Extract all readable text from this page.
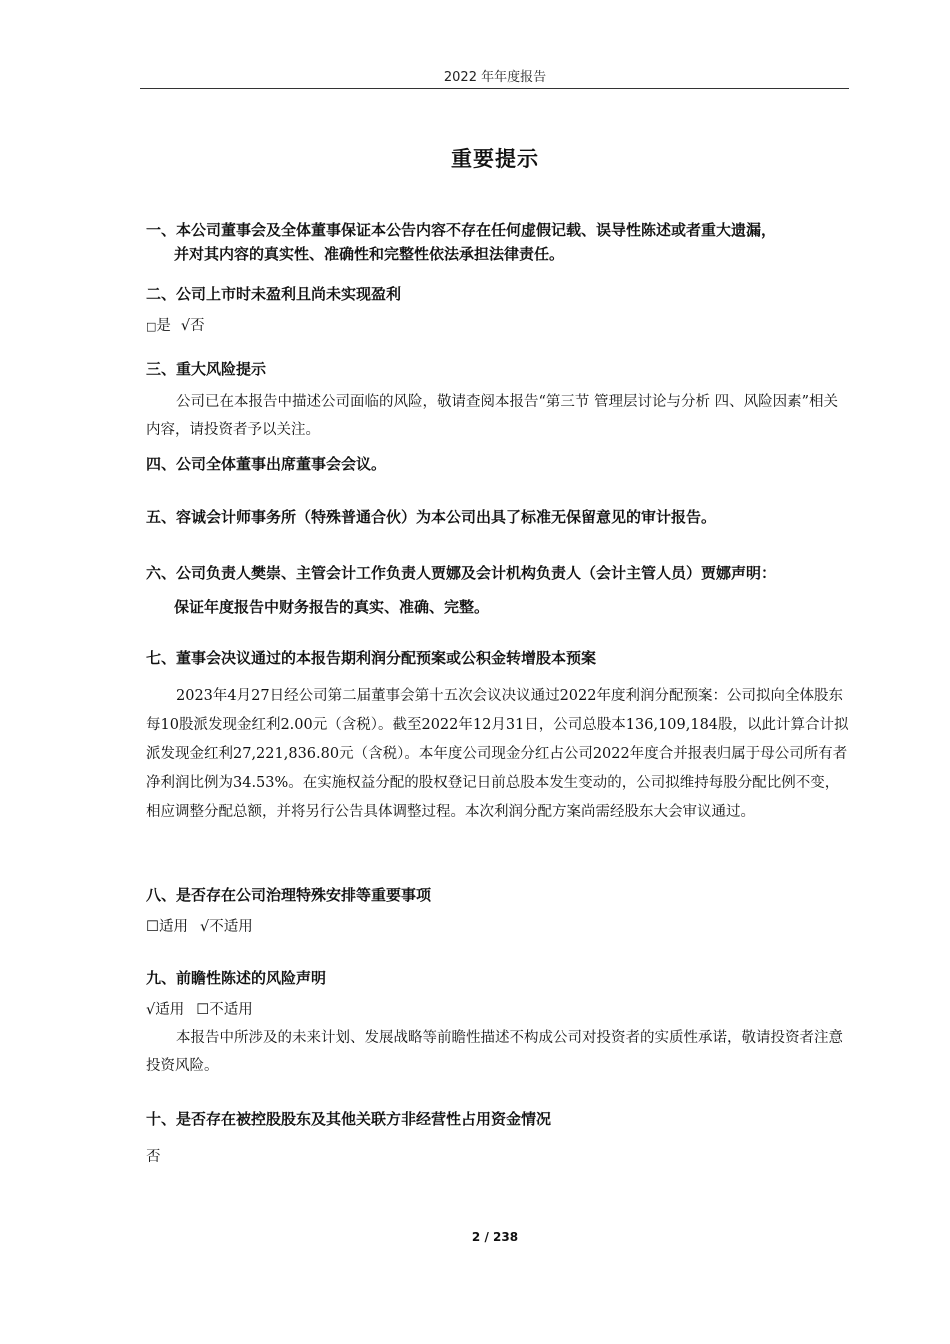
2022 年年度报告
重要提示
一、本公司董事会及全体董事保证本公告内容不存在任何虚假记载、误导性陈述或者重大遗漏，
并对其内容的真实性、准确性和完整性依法承担法律责任。
二、公司上市时未盈利且尚未实现盈利
□是 √否
三、重大风险提示

公司已在本报告中描述公司面临的风险，敬请查阅本报告“第三节 管理层讨论与分析 四、风险因素”相关内容，请投资者予以关注。

四、公司全体董事出席董事会会议。
五、容诚会计师事务所（特殊普通合伙）为本公司出具了标准无保留意见的审计报告。
六、公司负责人樊崇、主管会计工作负责人贾娜及会计机构负责人（会计主管人员）贾娜声明：
保证年度报告中财务报告的真实、准确、完整。
七、董事会决议通过的本报告期利润分配预案或公积金转增股本预案

2023年4月27日经公司第二届董事会第十五次会议决议通过2022年度利润分配预案：公司拟向全体股东每10股派发现金红利2.00元（含税）。截至2022年12月31日，公司总股本136,109,184股，以此计算合计拟派发现金红利27,221,836.80元（含税）。本年度公司现金分红占公司2022年度合并报表归属于母公司所有者净利润比例为34.53%。在实施权益分配的股权登记日前总股本发生变动的，公司拟维持每股分配比例不变，相应调整分配总额，并将另行公告具体调整过程。本次利润分配方案尚需经股东大会审议通过。

八、是否存在公司治理特殊安排等重要事项
☐适用 √不适用
九、前瞻性陈述的风险声明
√适用 ☐不适用

本报告中所涉及的未来计划、发展战略等前瞻性描述不构成公司对投资者的实质性承诺，敬请投资者注意投资风险。

十、是否存在被控股股东及其他关联方非经营性占用资金情况
否
2 / 238
